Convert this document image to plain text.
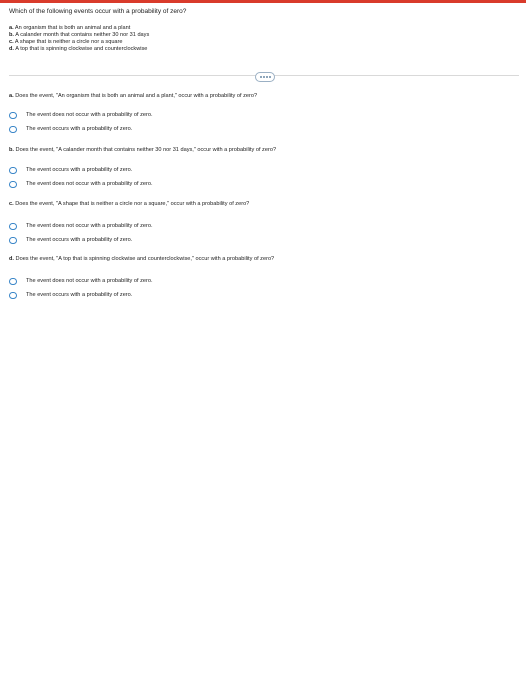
Which of the following events occur with a probability of zero?
a. An organism that is both an animal and a plant
b. A calander month that contains neither 30 nor 31 days
c. A shape that is neither a circle nor a square
d. A top that is spinning clockwise and counterclockwise
a. Does the event, "An organism that is both an animal and a plant," occur with a probability of zero?
The event does not occur with a probability of zero.
The event occurs with a probability of zero.
b. Does the event, "A calander month that contains neither 30 nor 31 days," occur with a probability of zero?
The event occurs with a probability of zero.
The event does not occur with a probability of zero.
c. Does the event, "A shape that is neither a circle nor a square," occur with a probability of zero?
The event does not occur with a probability of zero.
The event occurs with a probability of zero.
d. Does the event, "A top that is spinning clockwise and counterclockwise," occur with a probability of zero?
The event does not occur with a probability of zero.
The event occurs with a probability of zero.
